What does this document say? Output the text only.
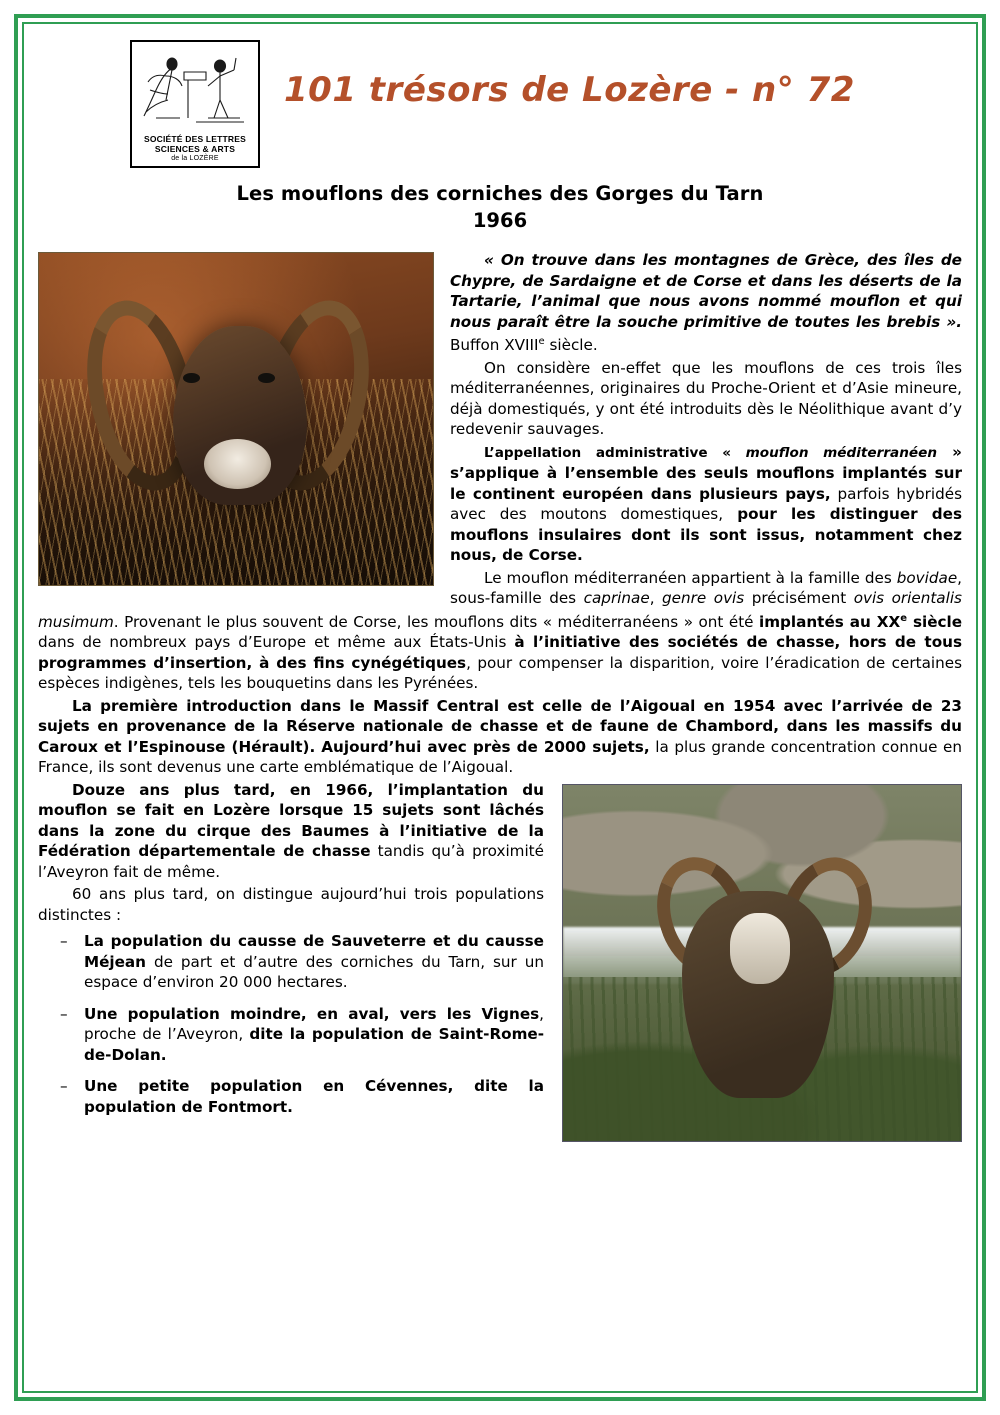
SOCIÉTÉ DES LETTRES
SCIENCES & ARTS
de la LOZÈRE
101 trésors de Lozère - n° 72
Les mouflons des corniches des Gorges du Tarn
1966

« On trouve dans les montagnes de Grèce, des îles de Chypre, de Sardaigne et de Corse et dans les déserts de la Tartarie, l’animal que nous avons nommé mouflon et qui nous paraît être la souche primitive de toutes les brebis ». Buffon XVIIIe siècle.

On considère en-effet que les mouflons de ces trois îles méditerranéennes, originaires du Proche-Orient et d’Asie mineure, déjà domestiqués, y ont été introduits dès le Néolithique avant d’y redevenir sauvages.

L’appellation administrative « mouflon méditerranéen » s’applique à l’ensemble des seuls mouflons implantés sur le continent européen dans plusieurs pays, parfois hybridés avec des moutons domestiques, pour les distinguer des mouflons insulaires dont ils sont issus, notamment chez nous, de Corse.

Le mouflon méditerranéen appartient à la famille des bovidae, sous-famille des caprinae, genre ovis précisément ovis orientalis musimum. Provenant le plus souvent de Corse, les mouflons dits « méditerranéens » ont été implantés au XXe siècle dans de nombreux pays d’Europe et même aux États-Unis à l’initiative des sociétés de chasse, hors de tous programmes d’insertion, à des fins cynégétiques, pour compenser la disparition, voire l’éradication de certaines espèces indigènes, tels les bouquetins dans les Pyrénées.

La première introduction dans le Massif Central est celle de l’Aigoual en 1954 avec l’arrivée de 23 sujets en provenance de la Réserve nationale de chasse et de faune de Chambord, dans les massifs du Caroux et l’Espinouse (Hérault). Aujourd’hui avec près de 2000 sujets, la plus grande concentration connue en France, ils sont devenus une carte emblématique de l’Aigoual.

Douze ans plus tard, en 1966, l’implantation du mouflon se fait en Lozère lorsque 15 sujets sont lâchés dans la zone du cirque des Baumes à l’initiative de la Fédération départementale de chasse tandis qu’à proximité l’Aveyron fait de même.

60 ans plus tard, on distingue aujourd’hui trois populations distinctes :

– La population du causse de Sauveterre et du causse Méjean de part et d’autre des corniches du Tarn, sur un espace d’environ 20 000 hectares.
– Une population moindre, en aval, vers les Vignes, proche de l’Aveyron, dite la population de Saint-Rome-de-Dolan.
– Une petite population en Cévennes, dite la population de Fontmort.
